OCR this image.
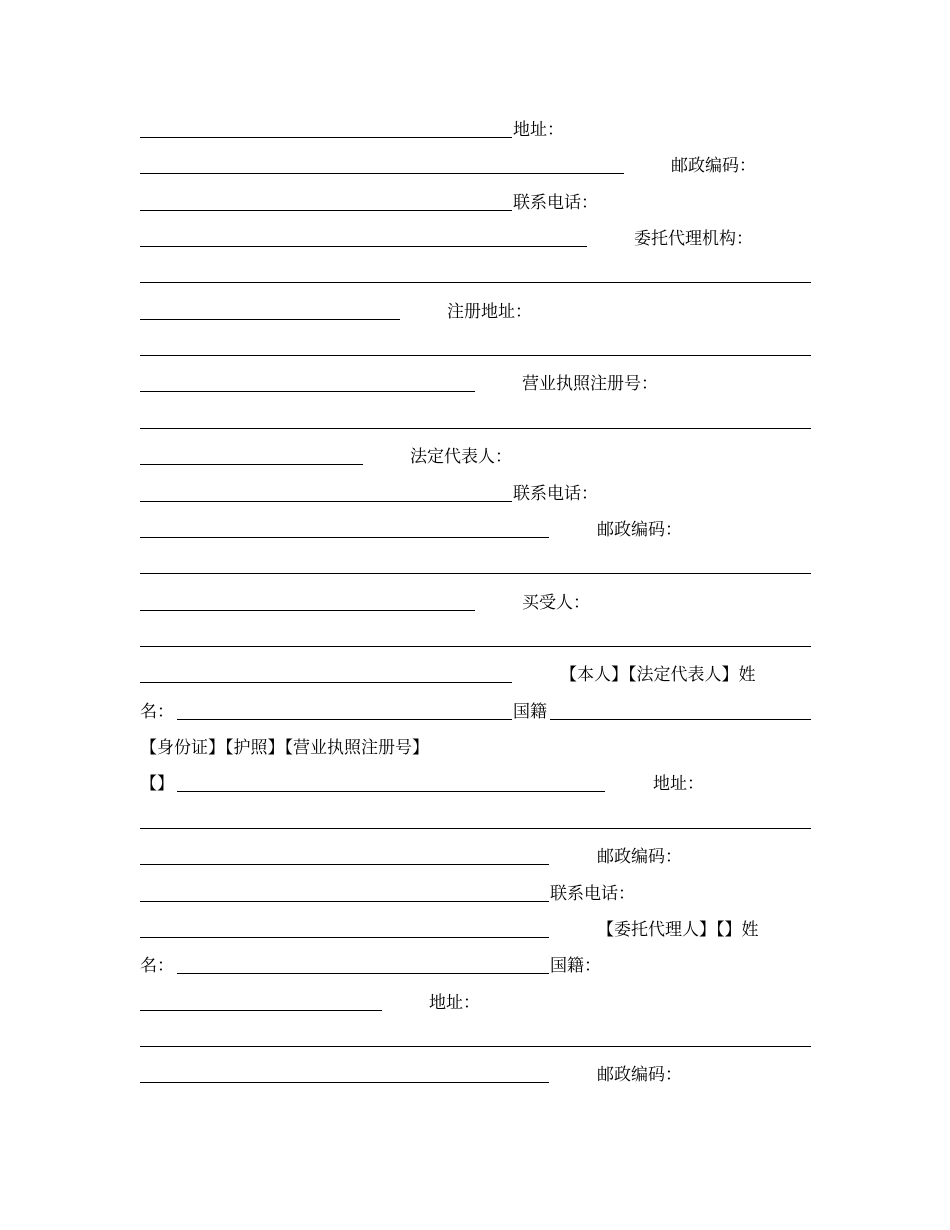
地址：
邮政编码：
联系电话：
委托代理机构：
注册地址：
营业执照注册号：
法定代表人：
联系电话：
邮政编码：
买受人：
【本人】【法定代表人】姓
名：	国籍
【身份证】【护照】【营业执照注册号】
【】	地址：
邮政编码：
联系电话：
【委托代理人】【】姓
名：	国籍：
地址：
邮政编码：
